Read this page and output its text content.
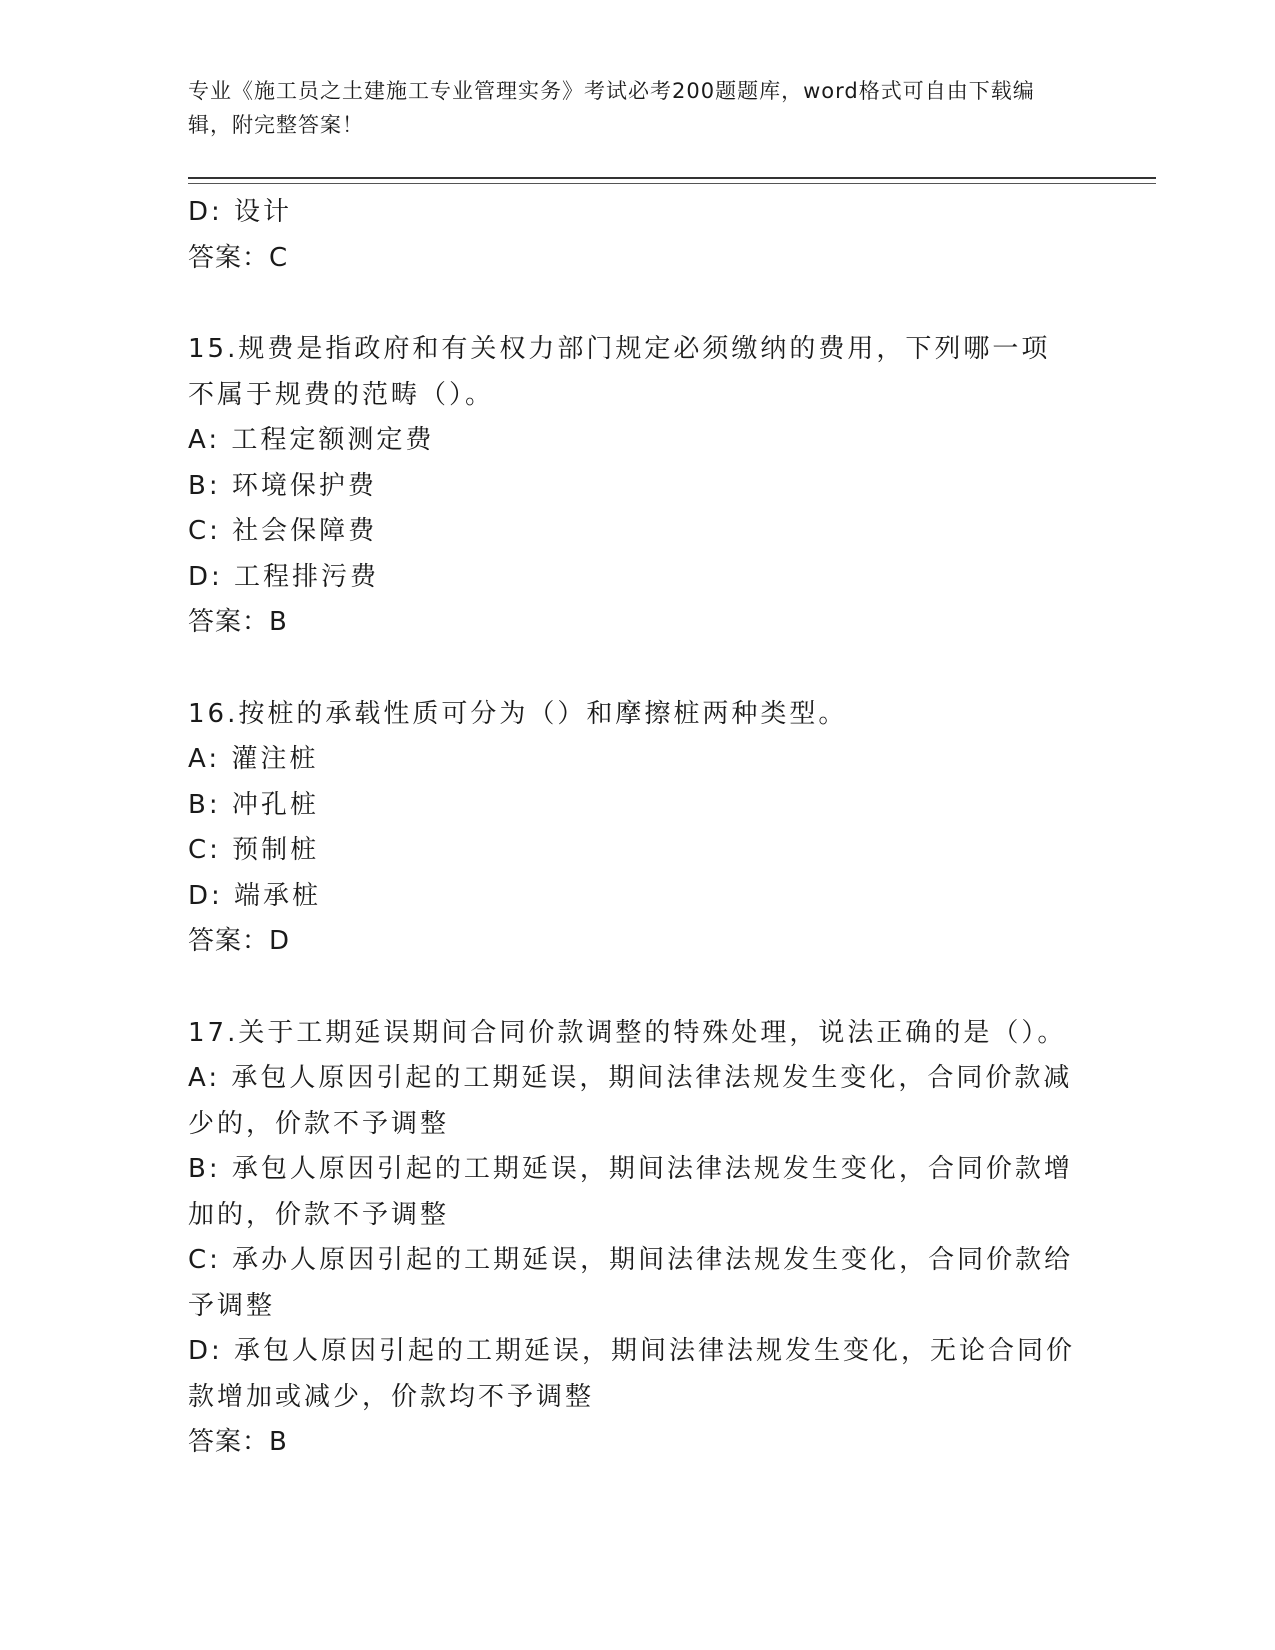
专业《施工员之土建施工专业管理实务》考试必考200题题库，word格式可自由下载编辑，附完整答案！

D: 设计

答案：C

15.规费是指政府和有关权力部门规定必须缴纳的费用，下列哪一项不属于规费的范畴（）。

A: 工程定额测定费

B: 环境保护费

C: 社会保障费

D: 工程排污费

答案：B

16.按桩的承载性质可分为（）和摩擦桩两种类型。

A: 灌注桩

B: 冲孔桩

C: 预制桩

D: 端承桩

答案：D

17.关于工期延误期间合同价款调整的特殊处理，说法正确的是（）。

A: 承包人原因引起的工期延误，期间法律法规发生变化，合同价款减少的，价款不予调整

B: 承包人原因引起的工期延误，期间法律法规发生变化，合同价款增加的，价款不予调整

C: 承办人原因引起的工期延误，期间法律法规发生变化，合同价款给予调整

D: 承包人原因引起的工期延误，期间法律法规发生变化，无论合同价款增加或减少，价款均不予调整

答案：B
